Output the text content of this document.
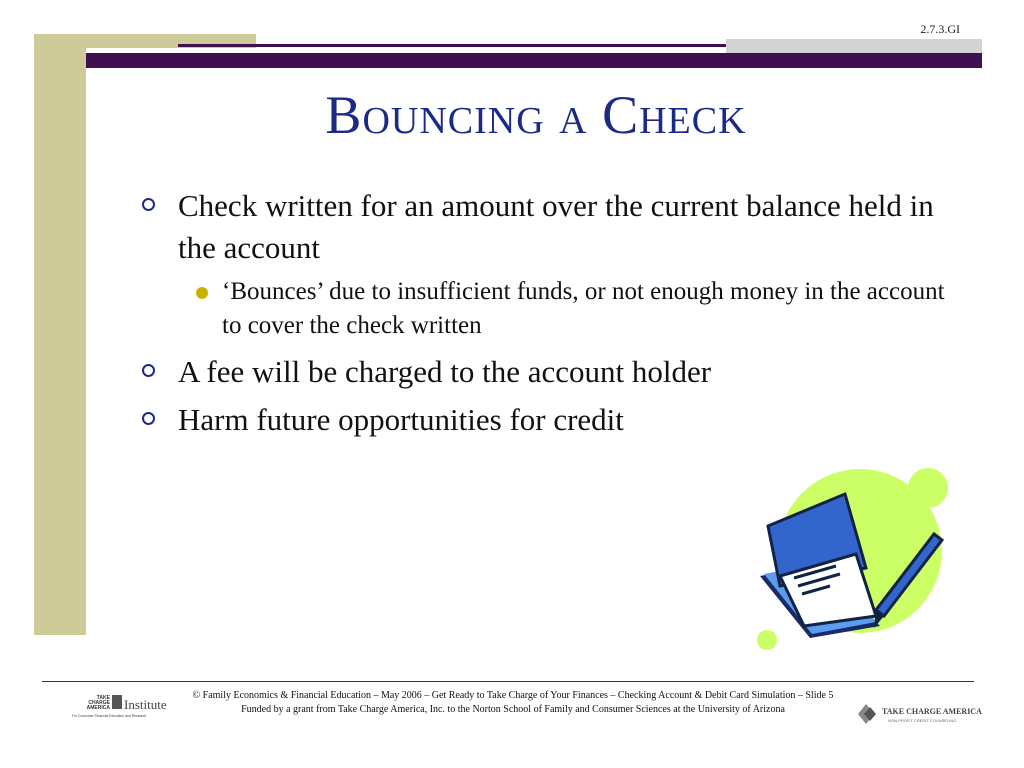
2.7.3.GI
Bouncing a Check
Check written for an amount over the current balance held in the account
‘Bounces’ due to insufficient funds, or not enough money in the account to cover the check written
A fee will be charged to the account holder
Harm future opportunities for credit
TAKE
CHARGE
AMERICA Institute
For Consumer Financial Education and Research	TAKE CHARGE AMERICA
NON-PROFIT CREDIT COUNSELING
© Family Economics & Financial Education – May 2006 – Get Ready to Take Charge of Your Finances – Checking Account & Debit Card Simulation – Slide 5
Funded by a grant from Take Charge America, Inc. to the Norton School of Family and Consumer Sciences at the University of Arizona
